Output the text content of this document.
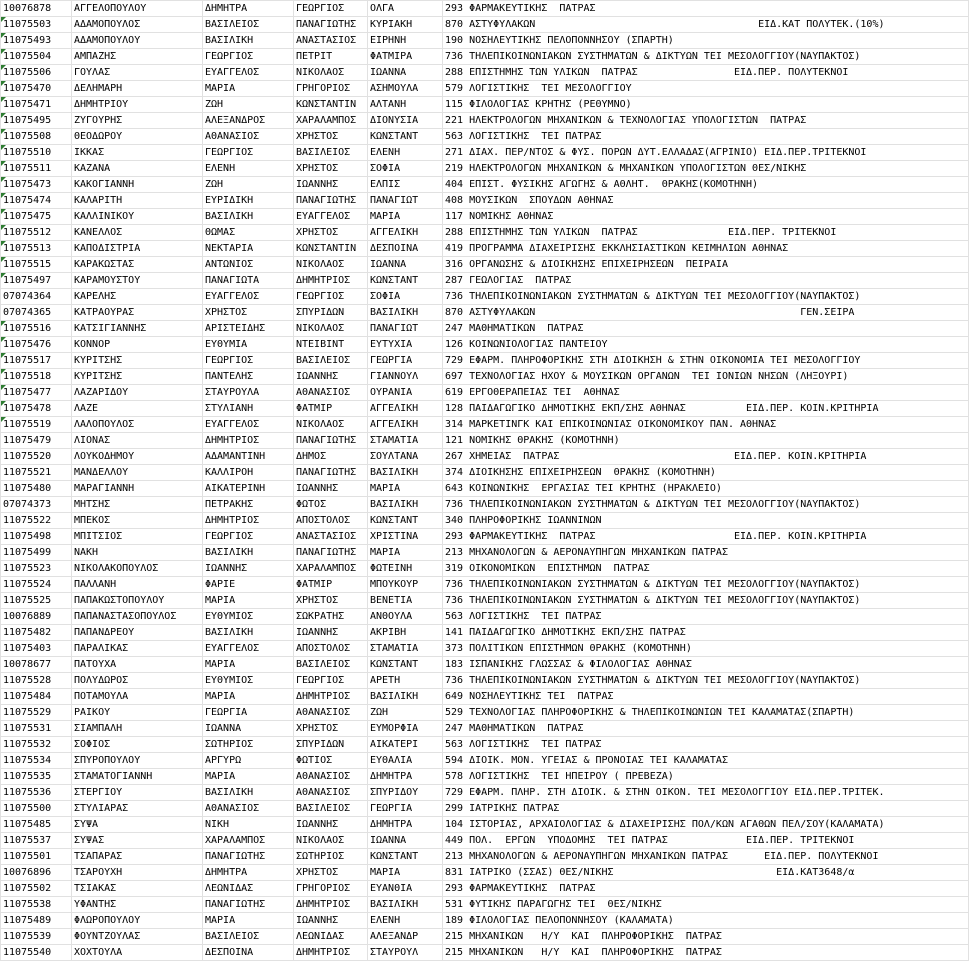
10076878	ΑΓΓΕΛΟΠΟΥΛΟΥ	ΔΗΜΗΤΡΑ	ΓΕΩΡΓΙΟΣ	ΟΛΓΑ	293 ΦΑΡΜΑΚΕΥΤΙΚΗΣ  ΠΑΤΡΑΣ
11075503	ΑΔΑΜΟΠΟΥΛΟΣ	ΒΑΣΙΛΕΙΟΣ	ΠΑΝΑΓΙΩΤΗΣ	ΚΥΡΙΑΚΗ	870 ΑΣΤΥΦΥΛΑΚΩΝ                                     ΕΙΔ.ΚΑΤ ΠΟΛΥΤΕΚ.(10%)
11075493	ΑΔΑΜΟΠΟΥΛΟΥ	ΒΑΣΙΛΙΚΗ	ΑΝΑΣΤΑΣΙΟΣ	ΕΙΡΗΝΗ	190 ΝΟΣΗΛΕΥΤΙΚΗΣ ΠΕΛΟΠΟΝΝΗΣΟΥ (ΣΠΑΡΤΗ)
11075504	ΑΜΠΑΖΗΣ	ΓΕΩΡΓΙΟΣ	ΠΕΤΡΙΤ	ΦΑΤΜΙΡΑ	736 ΤΗΛΕΠΙΚΟΙΝΩΝΙΑΚΩΝ ΣΥΣΤΗΜΑΤΩΝ & ΔΙΚΤΥΩΝ ΤΕΙ ΜΕΣΟΛΟΓΓΙΟΥ(ΝΑΥΠΑΚΤΟΣ)
11075506	ΓΟΥΛΑΣ	ΕΥΑΓΓΕΛΟΣ	ΝΙΚΟΛΑΟΣ	ΙΩΑΝΝΑ	288 ΕΠΙΣΤΗΜΗΣ ΤΩΝ ΥΛΙΚΩΝ  ΠΑΤΡΑΣ                ΕΙΔ.ΠΕΡ. ΠΟΛΥΤΕΚΝΟΙ
11075470	ΔΕΛΗΜΑΡΗ	ΜΑΡΙΑ	ΓΡΗΓΟΡΙΟΣ	ΑΣΗΜΟΥΛΑ	579 ΛΟΓΙΣΤΙΚΗΣ  ΤΕΙ ΜΕΣΟΛΟΓΓΙΟΥ
11075471	ΔΗΜΗΤΡΙΟΥ	ΖΩΗ	ΚΩΝΣΤΑΝΤΙΝ	ΑΛΤΑΝΗ	115 ΦΙΛΟΛΟΓΙΑΣ ΚΡΗΤΗΣ (ΡΕΘΥΜΝΟ)
11075495	ΖΥΓΟΥΡΗΣ	ΑΛΕΞΑΝΔΡΟΣ	ΧΑΡΑΛΑΜΠΟΣ	ΔΙΟΝΥΣΙΑ	221 ΗΛΕΚΤΡΟΛΟΓΩΝ ΜΗΧΑΝΙΚΩΝ & ΤΕΧΝΟΛΟΓΙΑΣ ΥΠΟΛΟΓΙΣΤΩΝ  ΠΑΤΡΑΣ
11075508	ΘΕΟΔΩΡΟΥ	ΑΘΑΝΑΣΙΟΣ	ΧΡΗΣΤΟΣ	ΚΩΝΣΤΑΝΤ	563 ΛΟΓΙΣΤΙΚΗΣ  ΤΕΙ ΠΑΤΡΑΣ
11075510	ΙΚΚΑΣ	ΓΕΩΡΓΙΟΣ	ΒΑΣΙΛΕΙΟΣ	ΕΛΕΝΗ	271 ΔΙΑΧ. ΠΕΡ/ΝΤΟΣ & ΦΥΣ. ΠΟΡΩΝ ΔΥΤ.ΕΛΛΑΔΑΣ(ΑΓΡΙΝΙΟ) ΕΙΔ.ΠΕΡ.ΤΡΙΤΕΚΝΟΙ
11075511	ΚΑΖΑΝΑ	ΕΛΕΝΗ	ΧΡΗΣΤΟΣ	ΣΟΦΙΑ	219 ΗΛΕΚΤΡΟΛΟΓΩΝ ΜΗΧΑΝΙΚΩΝ & ΜΗΧΑΝΙΚΩΝ ΥΠΟΛΟΓΙΣΤΩΝ ΘΕΣ/ΝΙΚΗΣ
11075473	ΚΑΚΟΓΙΑΝΝΗ	ΖΩΗ	ΙΩΑΝΝΗΣ	ΕΛΠΙΣ	404 ΕΠΙΣΤ. ΦΥΣΙΚΗΣ ΑΓΩΓΗΣ & ΑΘΛΗΤ.  ΘΡΑΚΗΣ(ΚΟΜΟΤΗΝΗ)
11075474	ΚΑΛΑΡΙΤΗ	ΕΥΡΙΔΙΚΗ	ΠΑΝΑΓΙΩΤΗΣ	ΠΑΝΑΓΙΩΤ	408 ΜΟΥΣΙΚΩΝ  ΣΠΟΥΔΩΝ ΑΘΗΝΑΣ
11075475	ΚΑΛΛΙΝΙΚΟΥ	ΒΑΣΙΛΙΚΗ	ΕΥΑΓΓΕΛΟΣ	ΜΑΡΙΑ	117 ΝΟΜΙΚΗΣ ΑΘΗΝΑΣ
11075512	ΚΑΝΕΛΛΟΣ	ΘΩΜΑΣ	ΧΡΗΣΤΟΣ	ΑΓΓΕΛΙΚΗ	288 ΕΠΙΣΤΗΜΗΣ ΤΩΝ ΥΛΙΚΩΝ  ΠΑΤΡΑΣ               ΕΙΔ.ΠΕΡ. ΤΡΙΤΕΚΝΟΙ
11075513	ΚΑΠΟΔΙΣΤΡΙΑ	ΝΕΚΤΑΡΙΑ	ΚΩΝΣΤΑΝΤΙΝ	ΔΕΣΠΟΙΝΑ	419 ΠΡΟΓΡΑΜΜΑ ΔΙΑΧΕΙΡΙΣΗΣ ΕΚΚΛΗΣΙΑΣΤΙΚΩΝ ΚΕΙΜΗΛΙΩΝ ΑΘΗΝΑΣ
11075515	ΚΑΡΑΚΩΣΤΑΣ	ΑΝΤΩΝΙΟΣ	ΝΙΚΟΛΑΟΣ	ΙΩΑΝΝΑ	316 ΟΡΓΑΝΩΣΗΣ & ΔΙΟΙΚΗΣΗΣ ΕΠΙΧΕΙΡΗΣΕΩΝ  ΠΕΙΡΑΙΑ
11075497	ΚΑΡΑΜΟΥΣΤΟΥ	ΠΑΝΑΓΙΩΤΑ	ΔΗΜΗΤΡΙΟΣ	ΚΩΝΣΤΑΝΤ	287 ΓΕΩΛΟΓΙΑΣ  ΠΑΤΡΑΣ
07074364	ΚΑΡΕΛΗΣ	ΕΥΑΓΓΕΛΟΣ	ΓΕΩΡΓΙΟΣ	ΣΟΦΙΑ	736 ΤΗΛΕΠΙΚΟΙΝΩΝΙΑΚΩΝ ΣΥΣΤΗΜΑΤΩΝ & ΔΙΚΤΥΩΝ ΤΕΙ ΜΕΣΟΛΟΓΓΙΟΥ(ΝΑΥΠΑΚΤΟΣ)
07074365	ΚΑΤΡΑΟΥΡΑΣ	ΧΡΗΣΤΟΣ	ΣΠΥΡΙΔΩΝ	ΒΑΣΙΛΙΚΗ	870 ΑΣΤΥΦΥΛΑΚΩΝ                                            ΓΕΝ.ΣΕΙΡΑ
11075516	ΚΑΤΣΙΓΙΑΝΝΗΣ	ΑΡΙΣΤΕΙΔΗΣ	ΝΙΚΟΛΑΟΣ	ΠΑΝΑΓΙΩΤ	247 ΜΑΘΗΜΑΤΙΚΩΝ  ΠΑΤΡΑΣ
11075476	ΚΟΝΝΟΡ	ΕΥΘΥΜΙΑ	ΝΤΕΙΒΙΝΤ	ΕΥΤΥΧΙΑ	126 ΚΟΙΝΩΝΙΟΛΟΓΙΑΣ ΠΑΝΤΕΙΟΥ
11075517	ΚΥΡΙΤΣΗΣ	ΓΕΩΡΓΙΟΣ	ΒΑΣΙΛΕΙΟΣ	ΓΕΩΡΓΙΑ	729 ΕΦΑΡΜ. ΠΛΗΡΟΦΟΡΙΚΗΣ ΣΤΗ ΔΙΟΙΚΗΣΗ & ΣΤΗΝ ΟΙΚΟΝΟΜΙΑ ΤΕΙ ΜΕΣΟΛΟΓΓΙΟΥ
11075518	ΚΥΡΙΤΣΗΣ	ΠΑΝΤΕΛΗΣ	ΙΩΑΝΝΗΣ	ΓΙΑΝΝΟΥΛ	697 ΤΕΧΝΟΛΟΓΙΑΣ ΗΧΟΥ & ΜΟΥΣΙΚΩΝ ΟΡΓΑΝΩΝ  ΤΕΙ ΙΟΝΙΩΝ ΝΗΣΩΝ (ΛΗΞΟΥΡΙ)
11075477	ΛΑΖΑΡΙΔΟΥ	ΣΤΑΥΡΟΥΛΑ	ΑΘΑΝΑΣΙΟΣ	ΟΥΡΑΝΙΑ	619 ΕΡΓΟΘΕΡΑΠΕΙΑΣ ΤΕΙ  ΑΘΗΝΑΣ
11075478	ΛΑΖΕ	ΣΤΥΛΙΑΝΗ	ΦΑΤΜΙΡ	ΑΓΓΕΛΙΚΗ	128 ΠΑΙΔΑΓΩΓΙΚΟ ΔΗΜΟΤΙΚΗΣ ΕΚΠ/ΣΗΣ ΑΘΗΝΑΣ          ΕΙΔ.ΠΕΡ. ΚΟΙΝ.ΚΡΙΤΗΡΙΑ
11075519	ΛΑΛΟΠΟΥΛΟΣ	ΕΥΑΓΓΕΛΟΣ	ΝΙΚΟΛΑΟΣ	ΑΓΓΕΛΙΚΗ	314 ΜΑΡΚΕΤΙΝΓΚ ΚΑΙ ΕΠΙΚΟΙΝΩΝΙΑΣ ΟΙΚΟΝΟΜΙΚΟΥ ΠΑΝ. ΑΘΗΝΑΣ
11075479	ΛΙΟΝΑΣ	ΔΗΜΗΤΡΙΟΣ	ΠΑΝΑΓΙΩΤΗΣ	ΣΤΑΜΑΤΙΑ	121 ΝΟΜΙΚΗΣ ΘΡΑΚΗΣ (ΚΟΜΟΤΗΝΗ)
11075520	ΛΟΥΚΟΔΗΜΟΥ	ΑΔΑΜΑΝΤΙΝΗ	ΔΗΜΟΣ	ΣΟΥΛΤΑΝΑ	267 ΧΗΜΕΙΑΣ  ΠΑΤΡΑΣ                             ΕΙΔ.ΠΕΡ. ΚΟΙΝ.ΚΡΙΤΗΡΙΑ
11075521	ΜΑΝΔΕΛΛΟΥ	ΚΑΛΛΙΡΟΗ	ΠΑΝΑΓΙΩΤΗΣ	ΒΑΣΙΛΙΚΗ	374 ΔΙΟΙΚΗΣΗΣ ΕΠΙΧΕΙΡΗΣΕΩΝ  ΘΡΑΚΗΣ (ΚΟΜΟΤΗΝΗ)
11075480	ΜΑΡΑΓΙΑΝΝΗ	ΑΙΚΑΤΕΡΙΝΗ	ΙΩΑΝΝΗΣ	ΜΑΡΙΑ	643 ΚΟΙΝΩΝΙΚΗΣ  ΕΡΓΑΣΙΑΣ ΤΕΙ ΚΡΗΤΗΣ (ΗΡΑΚΛΕΙΟ)
07074373	ΜΗΤΣΗΣ	ΠΕΤΡΑΚΗΣ	ΦΩΤΟΣ	ΒΑΣΙΛΙΚΗ	736 ΤΗΛΕΠΙΚΟΙΝΩΝΙΑΚΩΝ ΣΥΣΤΗΜΑΤΩΝ & ΔΙΚΤΥΩΝ ΤΕΙ ΜΕΣΟΛΟΓΓΙΟΥ(ΝΑΥΠΑΚΤΟΣ)
11075522	ΜΠΕΚΟΣ	ΔΗΜΗΤΡΙΟΣ	ΑΠΟΣΤΟΛΟΣ	ΚΩΝΣΤΑΝΤ	340 ΠΛΗΡΟΦΟΡΙΚΗΣ ΙΩΑΝΝΙΝΩΝ
11075498	ΜΠΙΤΣΙΟΣ	ΓΕΩΡΓΙΟΣ	ΑΝΑΣΤΑΣΙΟΣ	ΧΡΙΣΤΙΝΑ	293 ΦΑΡΜΑΚΕΥΤΙΚΗΣ  ΠΑΤΡΑΣ                       ΕΙΔ.ΠΕΡ. ΚΟΙΝ.ΚΡΙΤΗΡΙΑ
11075499	ΝΑΚΗ	ΒΑΣΙΛΙΚΗ	ΠΑΝΑΓΙΩΤΗΣ	ΜΑΡΙΑ	213 ΜΗΧΑΝΟΛΟΓΩΝ & ΑΕΡΟΝΑΥΠΗΓΩΝ ΜΗΧΑΝΙΚΩΝ ΠΑΤΡΑΣ
11075523	ΝΙΚΟΛΑΚΟΠΟΥΛΟΣ	ΙΩΑΝΝΗΣ	ΧΑΡΑΛΑΜΠΟΣ	ΦΩΤΕΙΝΗ	319 ΟΙΚΟΝΟΜΙΚΩΝ  ΕΠΙΣΤΗΜΩΝ  ΠΑΤΡΑΣ
11075524	ΠΑΛΛΑΝΗ	ΦΑΡΙΕ	ΦΑΤΜΙΡ	ΜΠΟΥΚΟΥΡ	736 ΤΗΛΕΠΙΚΟΙΝΩΝΙΑΚΩΝ ΣΥΣΤΗΜΑΤΩΝ & ΔΙΚΤΥΩΝ ΤΕΙ ΜΕΣΟΛΟΓΓΙΟΥ(ΝΑΥΠΑΚΤΟΣ)
11075525	ΠΑΠΑΚΩΣΤΟΠΟΥΛΟΥ	ΜΑΡΙΑ	ΧΡΗΣΤΟΣ	ΒΕΝΕΤΙΑ	736 ΤΗΛΕΠΙΚΟΙΝΩΝΙΑΚΩΝ ΣΥΣΤΗΜΑΤΩΝ & ΔΙΚΤΥΩΝ ΤΕΙ ΜΕΣΟΛΟΓΓΙΟΥ(ΝΑΥΠΑΚΤΟΣ)
10076889	ΠΑΠΑΝΑΣΤΑΣΟΠΟΥΛΟΣ	ΕΥΘΥΜΙΟΣ	ΣΩΚΡΑΤΗΣ	ΑΝΘΟΥΛΑ	563 ΛΟΓΙΣΤΙΚΗΣ  ΤΕΙ ΠΑΤΡΑΣ
11075482	ΠΑΠΑΝΔΡΕΟΥ	ΒΑΣΙΛΙΚΗ	ΙΩΑΝΝΗΣ	ΑΚΡΙΒΗ	141 ΠΑΙΔΑΓΩΓΙΚΟ ΔΗΜΟΤΙΚΗΣ ΕΚΠ/ΣΗΣ ΠΑΤΡΑΣ
11075403	ΠΑΡΑΛΙΚΑΣ	ΕΥΑΓΓΕΛΟΣ	ΑΠΟΣΤΟΛΟΣ	ΣΤΑΜΑΤΙΑ	373 ΠΟΛΙΤΙΚΩΝ ΕΠΙΣΤΗΜΩΝ ΘΡΑΚΗΣ (ΚΟΜΟΤΗΝΗ)
10078677	ΠΑΤΟΥΧΑ	ΜΑΡΙΑ	ΒΑΣΙΛΕΙΟΣ	ΚΩΝΣΤΑΝΤ	183 ΙΣΠΑΝΙΚΗΣ ΓΛΩΣΣΑΣ & ΦΙΛΟΛΟΓΙΑΣ ΑΘΗΝΑΣ
11075528	ΠΟΛΥΔΩΡΟΣ	ΕΥΘΥΜΙΟΣ	ΓΕΩΡΓΙΟΣ	ΑΡΕΤΗ	736 ΤΗΛΕΠΙΚΟΙΝΩΝΙΑΚΩΝ ΣΥΣΤΗΜΑΤΩΝ & ΔΙΚΤΥΩΝ ΤΕΙ ΜΕΣΟΛΟΓΓΙΟΥ(ΝΑΥΠΑΚΤΟΣ)
11075484	ΠΟΤΑΜΟΥΛΑ	ΜΑΡΙΑ	ΔΗΜΗΤΡΙΟΣ	ΒΑΣΙΛΙΚΗ	649 ΝΟΣΗΛΕΥΤΙΚΗΣ ΤΕΙ  ΠΑΤΡΑΣ
11075529	ΡΑΙΚΟΥ	ΓΕΩΡΓΙΑ	ΑΘΑΝΑΣΙΟΣ	ΖΩΗ	529 ΤΕΧΝΟΛΟΓΙΑΣ ΠΛΗΡΟΦΟΡΙΚΗΣ & ΤΗΛΕΠΙΚΟΙΝΩΝΙΩΝ ΤΕΙ ΚΑΛΑΜΑΤΑΣ(ΣΠΑΡΤΗ)
11075531	ΣΙΑΜΠΑΛΗ	ΙΩΑΝΝΑ	ΧΡΗΣΤΟΣ	ΕΥΜΟΡΦΙΑ	247 ΜΑΘΗΜΑΤΙΚΩΝ  ΠΑΤΡΑΣ
11075532	ΣΟΦΙΟΣ	ΣΩΤΗΡΙΟΣ	ΣΠΥΡΙΔΩΝ	ΑΙΚΑΤΕΡΙ	563 ΛΟΓΙΣΤΙΚΗΣ  ΤΕΙ ΠΑΤΡΑΣ
11075534	ΣΠΥΡΟΠΟΥΛΟΥ	ΑΡΓΥΡΩ	ΦΩΤΙΟΣ	ΕΥΘΑΛΙΑ	594 ΔΙΟΙΚ. ΜΟΝ. ΥΓΕΙΑΣ & ΠΡΟΝΟΙΑΣ ΤΕΙ ΚΑΛΑΜΑΤΑΣ
11075535	ΣΤΑΜΑΤΟΓΙΑΝΝΗ	ΜΑΡΙΑ	ΑΘΑΝΑΣΙΟΣ	ΔΗΜΗΤΡΑ	578 ΛΟΓΙΣΤΙΚΗΣ  ΤΕΙ ΗΠΕΙΡΟΥ ( ΠΡΕΒΕΖΑ)
11075536	ΣΤΕΡΓΙΟΥ	ΒΑΣΙΛΙΚΗ	ΑΘΑΝΑΣΙΟΣ	ΣΠΥΡΙΔΟΥ	729 ΕΦΑΡΜ. ΠΛΗΡ. ΣΤΗ ΔΙΟΙΚ. & ΣΤΗΝ ΟΙΚΟΝ. ΤΕΙ ΜΕΣΟΛΟΓΓΙΟΥ ΕΙΔ.ΠΕΡ.ΤΡΙΤΕΚ.
11075500	ΣΤΥΛΙΑΡΑΣ	ΑΘΑΝΑΣΙΟΣ	ΒΑΣΙΛΕΙΟΣ	ΓΕΩΡΓΙΑ	299 ΙΑΤΡΙΚΗΣ ΠΑΤΡΑΣ
11075485	ΣΥΨΑ	ΝΙΚΗ	ΙΩΑΝΝΗΣ	ΔΗΜΗΤΡΑ	104 ΙΣΤΟΡΙΑΣ, ΑΡΧΑΙΟΛΟΓΙΑΣ & ΔΙΑΧΕΙΡΙΣΗΣ ΠΟΛ/ΚΩΝ ΑΓΑΘΩΝ ΠΕΛ/ΣΟΥ(ΚΑΛΑΜΑΤΑ)
11075537	ΣΥΨΑΣ	ΧΑΡΑΛΑΜΠΟΣ	ΝΙΚΟΛΑΟΣ	ΙΩΑΝΝΑ	449 ΠΟΛ.  ΕΡΓΩΝ  ΥΠΟΔΟΜΗΣ  ΤΕΙ ΠΑΤΡΑΣ             ΕΙΔ.ΠΕΡ. ΤΡΙΤΕΚΝΟΙ
11075501	ΤΣΑΠΑΡΑΣ	ΠΑΝΑΓΙΩΤΗΣ	ΣΩΤΗΡΙΟΣ	ΚΩΝΣΤΑΝΤ	213 ΜΗΧΑΝΟΛΟΓΩΝ & ΑΕΡΟΝΑΥΠΗΓΩΝ ΜΗΧΑΝΙΚΩΝ ΠΑΤΡΑΣ      ΕΙΔ.ΠΕΡ. ΠΟΛΥΤΕΚΝΟΙ
10076896	ΤΣΑΡΟΥΧΗ	ΔΗΜΗΤΡΑ	ΧΡΗΣΤΟΣ	ΜΑΡΙΑ	831 ΙΑΤΡΙΚΟ (ΣΣΑΣ) ΘΕΣ/ΝΙΚΗΣ                           ΕΙΔ.ΚΑΤ3648/α
11075502	ΤΣΙΑΚΑΣ	ΛΕΩΝΙΔΑΣ	ΓΡΗΓΟΡΙΟΣ	ΕΥΑΝΘΙΑ	293 ΦΑΡΜΑΚΕΥΤΙΚΗΣ  ΠΑΤΡΑΣ
11075538	ΥΦΑΝΤΗΣ	ΠΑΝΑΓΙΩΤΗΣ	ΔΗΜΗΤΡΙΟΣ	ΒΑΣΙΛΙΚΗ	531 ΦΥΤΙΚΗΣ ΠΑΡΑΓΩΓΗΣ ΤΕΙ  ΘΕΣ/ΝΙΚΗΣ
11075489	ΦΛΩΡΟΠΟΥΛΟΥ	ΜΑΡΙΑ	ΙΩΑΝΝΗΣ	ΕΛΕΝΗ	189 ΦΙΛΟΛΟΓΙΑΣ ΠΕΛΟΠΟΝΝΗΣΟΥ (ΚΑΛΑΜΑΤΑ)
11075539	ΦΟΥΝΤΖΟΥΛΑΣ	ΒΑΣΙΛΕΙΟΣ	ΛΕΩΝΙΔΑΣ	ΑΛΕΞΑΝΔΡ	215 ΜΗΧΑΝΙΚΩΝ   Η/Υ  ΚΑΙ  ΠΛΗΡΟΦΟΡΙΚΗΣ  ΠΑΤΡΑΣ
11075540	ΧΟΧΤΟΥΛΑ	ΔΕΣΠΟΙΝΑ	ΔΗΜΗΤΡΙΟΣ	ΣΤΑΥΡΟΥΛ	215 ΜΗΧΑΝΙΚΩΝ   Η/Υ  ΚΑΙ  ΠΛΗΡΟΦΟΡΙΚΗΣ  ΠΑΤΡΑΣ
